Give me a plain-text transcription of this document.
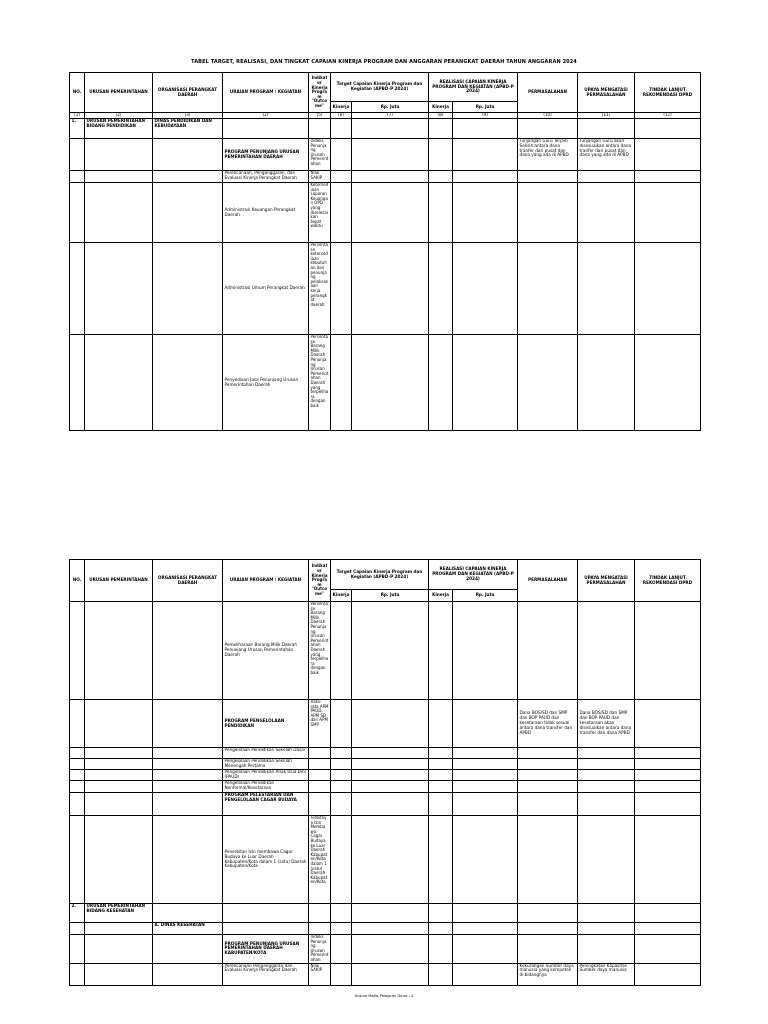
TABEL TARGET, REALISASI, DAN TINGKAT CAPAIAN KINERJA PROGRAM DAN ANGGARAN PERANGKAT DAERAH TAHUN ANGGARAN 2024
NO.	URUSAN PEMERINTAHAN	ORGANISASI PERANGKAT DAERAH	URAIAN PROGRAM / KEGIATAN	Indikator Kinerja Program "Outcome"	Target Capaian Kinerja Program dan Kegiatan (APBD-P 2024)		REALISASI CAPAIAN KINERJA PROGRAM DAN KEGIATAN (APBD-P 2024)		PERMASALAHAN	UPAYA MENGATASI PERMASALAHAN	TINDAK LANJUT REKOMENDASI DPRD
					Kinerja	Rp. Juta	Kinerja	Rp. Juta			
(1)	(2)	(3)	(2)	(5)	(6)	(7)	(8)	(9)	(10)	(11)	(12)
1.	URUSAN PEMERINTAHAN BIDANG PENDIDIKAN	DINAS PENDIDIKAN DAN KEBUDAYAAN									
			PROGRAM PENUNJANG URUSAN PEMERINTAHAN DAERAH	Indeks Penunjang Urusan Pemerintahan					Tunjangan Guru Terjadi Selisih antara dana tranfer dari pusat dan dana yang ada di APBD	Tunjangan Guru akan disesuaikan antara dana tranfer dari pusat dan dana yang ada di APBD	
			Perencanaan, Penganggaran, dan Evaluasi Kinerja Perangkat Daerah	Nilai SAKIP							
			Administrasi Keuangan Perangkat Daerah	Ketersediaan Laporan Keuangan OPD yang diselesaikan tepat waktu							
			Administrasi Umum Perangkat Daerah	Persentase ketersediaan kebutuhan dan penunjang pelaksanaan kerja perangkat daerah							
			Penyediaan Jasa Penunjang Urusan Pemerintahan Daerah	Persentase Barang Milik Daerah Penunjang Urusan Pemerintahan Daerah yang terpelihara dengan baik							
NO.	URUSAN PEMERINTAHAN	ORGANISASI PERANGKAT DAERAH	URAIAN PROGRAM / KEGIATAN	Indikator Kinerja Program "Outcome"	Target Capaian Kinerja Program dan Kegiatan (APBD-P 2024)		REALISASI CAPAIAN KINERJA PROGRAM DAN KEGIATAN (APBD-P 2024)		PERMASALAHAN	UPAYA MENGATASI PERMASALAHAN	TINDAK LANJUT REKOMENDASI DPRD
					Kinerja	Rp. Juta	Kinerja	Rp. Juta			
			Pemeliharaan Barang Milik Daerah Penunjang Urusan Pemerintahan Daerah	Persentase Barang Milik Daerah Penunjang Urusan Pemerintahan Daerah yang terpelihara dengan baik							
			PROGRAM PENGELOLAAN PENDIDIKAN	Rata-rata APM PAUD, APM SD dan APM SMP					Dana BOS/SD dan SMP dan BOP PAUD dan kesetaraan tidak sesuai antara dana transfer dan APBD	Dana BOS/SD dan SMP dan BOP PAUD dan kesetaraan akan disesuaikan antara dana transfer dan dana APBD	
			Pengelolaan Pendidikan Sekolah Dasar								
			Pengelolaan Pendidikan Sekolah Menengah Pertama								
			Pengelolaan Pendidikan Anak Usia Dini (PAUD)								
			Pengelolaan Pendidikan Nonformal/Kesetaraan								
			PROGRAM PELESTARIAN DAN PENGELOLAAN CAGAR BUDAYA								
			Penerbitan Izin membawa Cagar Budaya ke Luar Daerah Kabupaten/Kota dalam 1 (satu) Daerah Kabupaten/Kota	Terbitnya Izin Membawa Cagar Budaya ke Luar Daerah Kabupaten/Kota dalam 1 (satu) Daerah Kabupaten/Kota							
2.	URUSAN PEMERINTAHAN BIDANG KESEHATAN										
		A. DINAS KESEHATAN									
			PROGRAM PENUNJANG URUSAN PEMERINTAHAN DAERAH KABUPATEN/KOTA	Indeks Penunjang Urusan Pemerintahan							
			Perencanaan Penganggaran dan Evaluasi Kinerja Perangkat Daerah	Nilai SAKIP					Kekurangan Sumber daya manusia yang kompeten di bidangnya	Peningkatan Kapasitas Sumber daya manusia	
Unsure Majlis Pelajaran Dinas - 2
